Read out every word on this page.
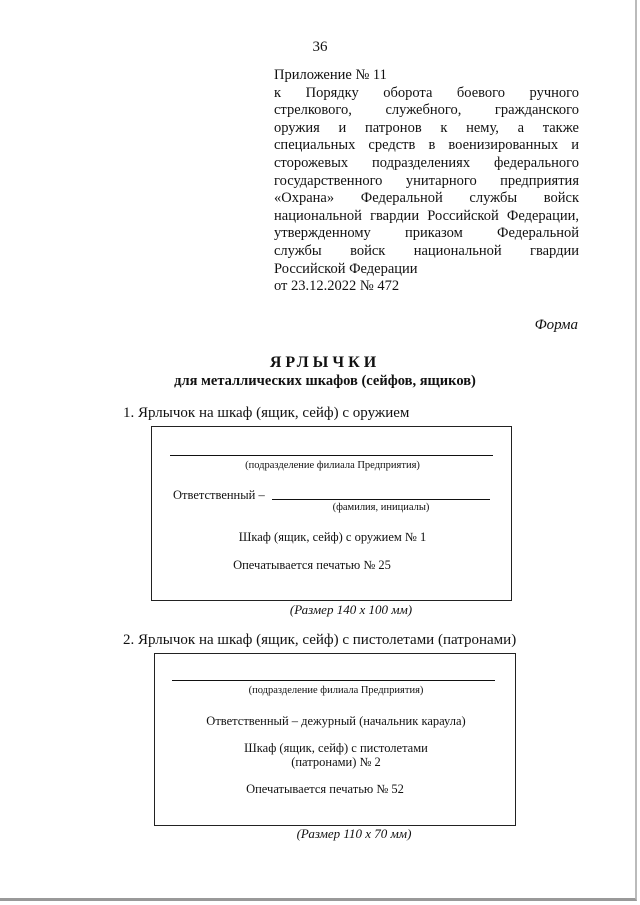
36
Приложение № 11
к Порядку оборота боевого ручного
стрелкового, служебного, гражданского
оружия и патронов к нему, а также
специальных средств в военизированных и
сторожевых подразделениях федерального
государственного унитарного предприятия
«Охрана» Федеральной службы войск
национальной гвардии Российской Федерации,
утвержденному приказом Федеральной
службы войск национальной гвардии
Российской Федерации
от 23.12.2022 № 472
Форма
ЯРЛЫЧКИ
для металлических шкафов (сейфов, ящиков)
1. Ярлычок на шкаф (ящик, сейф) с оружием
(подразделение филиала Предприятия)
Ответственный –
(фамилия, инициалы)
Шкаф (ящик, сейф) с оружием № 1
Опечатывается печатью № 25
(Размер 140 х 100 мм)
2. Ярлычок на шкаф (ящик, сейф) с пистолетами (патронами)
(подразделение филиала Предприятия)
Ответственный – дежурный (начальник караула)
Шкаф (ящик, сейф) с пистолетами
(патронами) № 2
Опечатывается печатью № 52
(Размер 110 х 70 мм)
